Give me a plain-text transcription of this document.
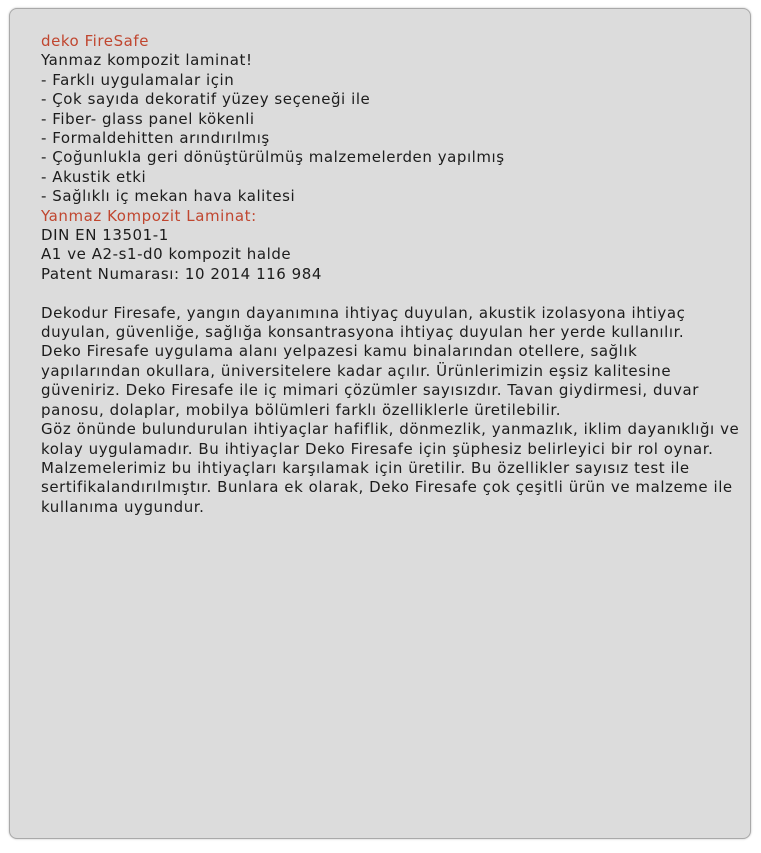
deko FireSafe

Yanmaz kompozit laminat!

- Farklı uygulamalar için
- Çok sayıda dekoratif yüzey seçeneği ile
- Fiber- glass panel kökenli
- Formaldehitten arındırılmış
- Çoğunlukla geri dönüştürülmüş malzemelerden yapılmış
- Akustik etki
- Sağlıklı iç mekan hava kalitesi

Yanmaz Kompozit Laminat:

DIN EN 13501-1
A1 ve A2-s1-d0 kompozit halde
Patent Numarası: 10 2014 116 984

Dekodur Firesafe, yangın dayanımına ihtiyaç duyulan, akustik izolasyona ihtiyaç duyulan, güvenliğe, sağlığa konsantrasyona ihtiyaç duyulan her yerde kullanılır.

Deko Firesafe uygulama alanı yelpazesi kamu binalarından otellere, sağlık yapılarından okullara, üniversitelere kadar açılır. Ürünlerimizin eşsiz kalitesine güveniriz. Deko Firesafe ile iç mimari çözümler sayısızdır. Tavan giydirmesi, duvar panosu, dolaplar, mobilya bölümleri farklı özelliklerle üretilebilir.

Göz önünde bulundurulan ihtiyaçlar hafiflik, dönmezlik, yanmazlık, iklim dayanıklığı ve kolay uygulamadır. Bu ihtiyaçlar Deko Firesafe için şüphesiz belirleyici bir rol oynar. Malzemelerimiz bu ihtiyaçları karşılamak için üretilir. Bu özellikler sayısız test ile sertifikalandırılmıştır. Bunlara ek olarak, Deko Firesafe çok çeşitli ürün ve malzeme ile kullanıma uygundur.
